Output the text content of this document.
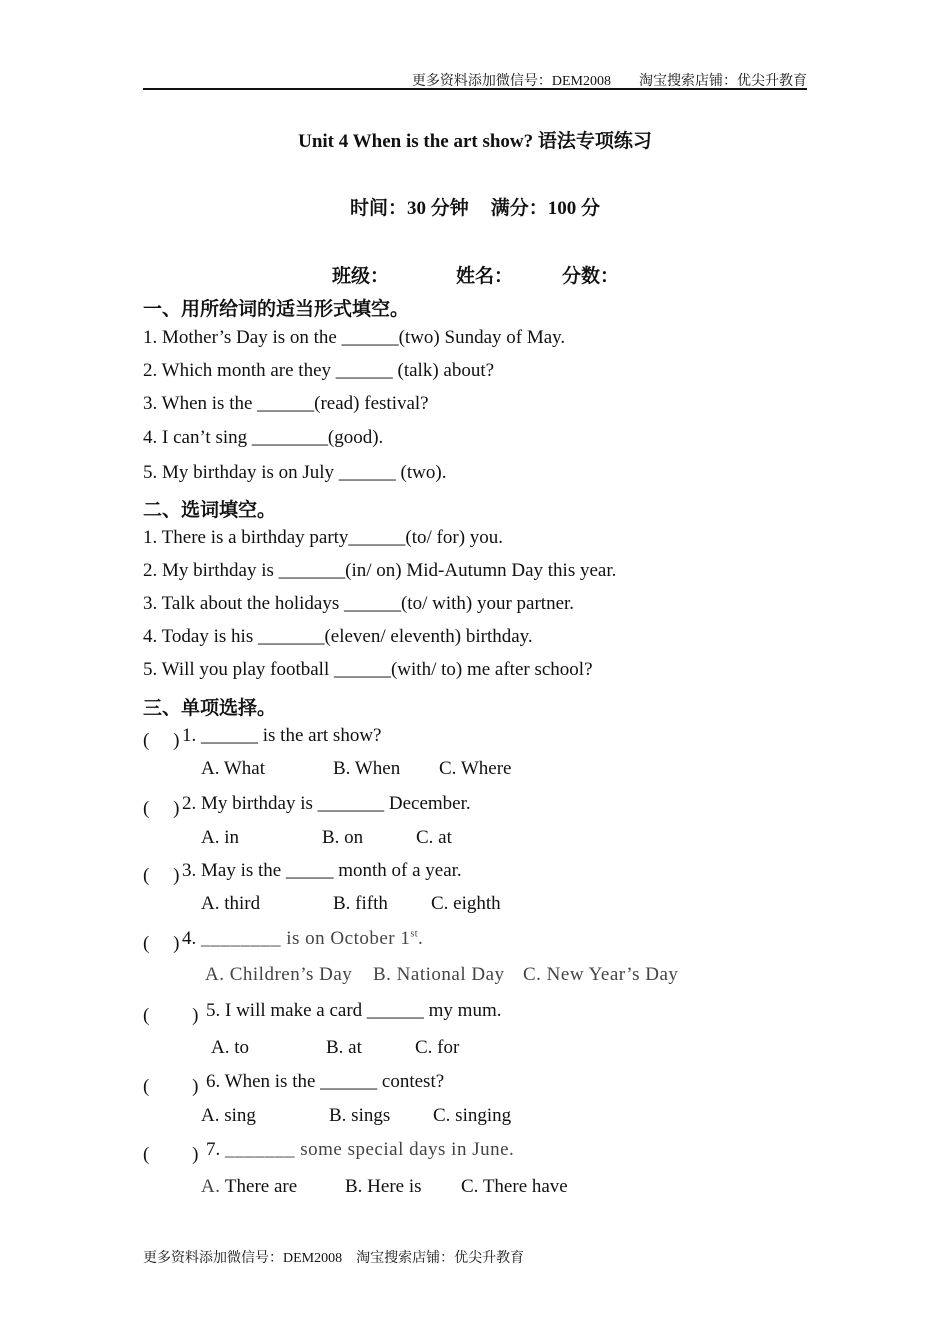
更多资料添加微信号：DEM2008　　淘宝搜索店铺：优尖升教育
Unit 4 When is the art show? 语法专项练习
时间：30 分钟 满分：100 分
班级：	姓名：	分数：
一、用所给词的适当形式填空。
1. Mother’s Day is on the ______(two) Sunday of May.
2. Which month are they ______ (talk) about?
3. When is the ______(read) festival?
4. I can’t sing ________(good).
5. My birthday is on July ______ (two).
二、选词填空。
1. There is a birthday party______(to/ for) you.
2. My birthday is _______(in/ on) Mid-Autumn Day this year.
3. Talk about the holidays ______(to/ with) your partner.
4. Today is his _______(eleven/ eleventh) birthday.
5. Will you play football ______(with/ to) me after school?
三、单项选择。
(　 ) 1. ______ is the art show?
A. What	B. When C. Where
(　 ) 2. My birthday is _______ December.
A. in	B. on	C. at
(　 ) 3. May is the _____ month of a year.
A. third	B. fifth C. eighth
(　 ) 4. ________ is on October 1st.
A. Children’s Day B. National Day C. New Year’s Day
(　　 ) 5. I will make a card ______ my mum.
A. to	B. at	C. for
(　　 ) 6. When is the ______ contest?
A. sing	B. sings C. singing
(　　 ) 7. _______ some special days in June.
A. There are	B. Here is C. There have
更多资料添加微信号：DEM2008　淘宝搜索店铺：优尖升教育
